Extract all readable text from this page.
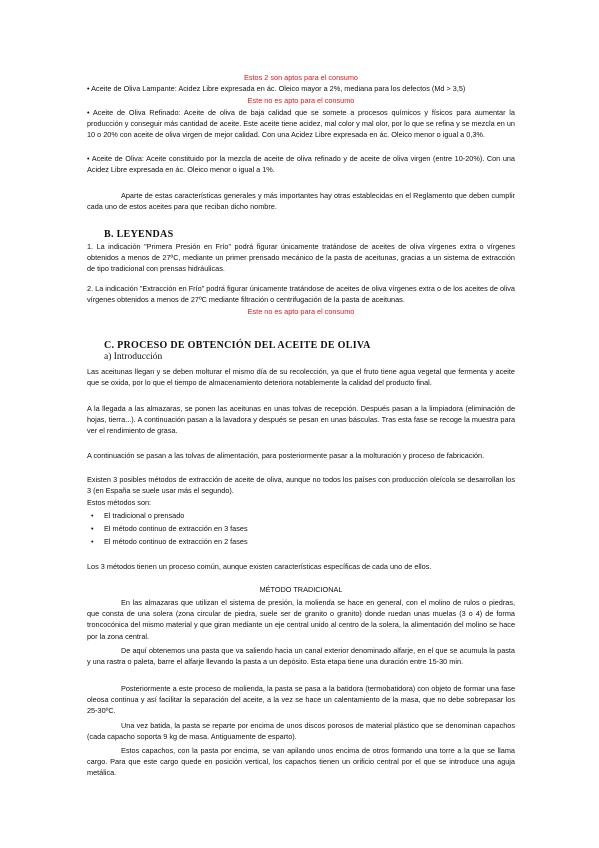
Estos 2 son aptos para el consumo

• Aceite de Oliva Lampante: Acidez Libre expresada en ác. Oleico mayor a 2%, mediana para los defectos (Md > 3,5)

Este no es apto para el consumo

• Aceite de Oliva Refinado: Aceite de oliva de baja calidad que se somete a procesos químicos y físicos para aumentar la producción y conseguir más cantidad de aceite. Este aceite tiene acidez, mal color y mal olor, por lo que se refina y se mezcla en un 10 o 20% con aceite de oliva virgen de mejor calidad. Con una Acidez Libre expresada en ác. Oleico menor o igual a 0,3%.

• Aceite de Oliva: Aceite constituido por la mezcla de aceite de oliva refinado y de aceite de oliva virgen (entre 10-20%). Con una Acidez Libre expresada en ác. Oleico menor o igual a 1%.

Aparte de estas características generales y más importantes hay otras establecidas en el Reglamento que deben cumplir cada uno de estos aceites para que reciban dicho nombre.

B. LEYENDAS

1. La indicación "Primera Presión en Frío" podrá figurar únicamente tratándose de aceites de oliva vírgenes extra o vírgenes obtenidos a menos de 27ºC, mediante un primer prensado mecánico de la pasta de aceitunas, gracias a un sistema de extracción de tipo tradicional con prensas hidráulicas.

2. La indicación "Extracción en Frío" podrá figurar únicamente tratándose de aceites de oliva vírgenes extra o de los aceites de oliva vírgenes obtenidos a menos de 27ºC mediante filtración o centrifugación de la pasta de aceitunas.

Este no es apto para el consumo

C. PROCESO DE OBTENCIÓN DEL ACEITE DE OLIVA

a) Introducción

Las aceitunas llegan y se deben molturar el mismo día de su recolección, ya que el fruto tiene agua vegetal que fermenta y aceite que se oxida, por lo que el tiempo de almacenamiento deteriora notablemente la calidad del producto final.

A la llegada a las almazaras, se ponen las aceitunas en unas tolvas de recepción. Después pasan a la limpiadora (eliminación de hojas, tierra...). A continuación pasan a la lavadora y después se pesan en unas básculas. Tras esta fase se recoge la muestra para ver el rendimiento de grasa.

A continuación se pasan a las tolvas de alimentación, para posteriormente pasar a la molturación y proceso de fabricación.

Existen 3 posibles métodos de extracción de aceite de oliva, aunque no todos los países con producción oleícola se desarrollan los 3 (en España se suele usar más el segundo).

Estos métodos son:

• El tradicional o prensado
• El método continuo de extracción en 3 fases
• El método continuo de extracción en 2 fases

Los 3 métodos tienen un proceso común, aunque existen características específicas de cada uno de ellos.

MÉTODO TRADICIONAL

En las almazaras que utilizan el sistema de presión, la molienda se hace en general, con el molino de rulos o piedras, que consta de una solera (zona circular de piedra, suele ser de granito o granito) donde ruedan unas muelas (3 o 4) de forma troncocónica del mismo material y que giran mediante un eje central unido al centro de la solera, la alimentación del molino se hace por la zona central.

De aquí obtenemos una pasta que va saliendo hacia un canal exterior denominado alfarje, en el que se acumula la pasta y una rastra o paleta, barre el alfarje llevando la pasta a un depósito. Esta etapa tiene una duración entre 15-30 min.

Posteriormente a este proceso de molienda, la pasta se pasa a la batidora (termobatidora) con objeto de formar una fase oleosa continua y así facilitar la separación del aceite, a la vez se hace un calentamiento de la masa, que no debe sobrepasar los 25-30ºC.

Una vez batida, la pasta se reparte por encima de unos discos porosos de material plástico que se denominan capachos (cada capacho soporta 9 kg de masa. Antiguamente de esparto).

Estos capachos, con la pasta por encima, se van apilando unos encima de otros formando una torre a la que se llama cargo. Para que este cargo quede en posición vertical, los capachos tienen un orificio central por el que se introduce una aguja metálica.
